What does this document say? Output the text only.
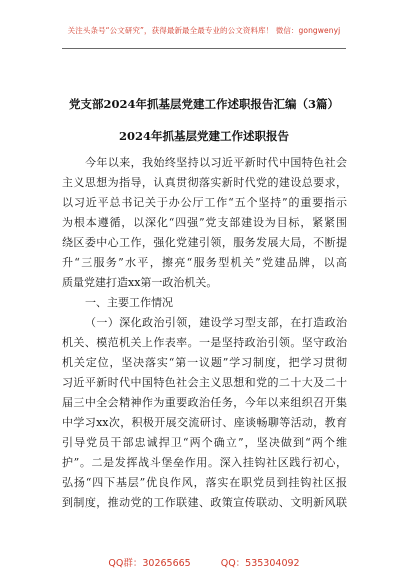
关注头条号“公文研究”，获得最新最全最专业的公文资料库！ 微信：gongwenyj
党支部2024年抓基层党建工作述职报告汇编（3篇）
2024年抓基层党建工作述职报告
今年以来，我始终坚持以习近平新时代中国特色社会
主义思想为指导，认真贯彻落实新时代党的建设总要求，
以习近平总书记关于办公厅工作“五个坚持”的重要指示
为根本遵循，以深化“四强”党支部建设为目标，紧紧围
绕区委中心工作，强化党建引领，服务发展大局，不断提
升“三服务”水平，擦亮“服务型机关”党建品牌，以高
质量党建打造xx第一政治机关。
一、主要工作情况
（一）深化政治引领，建设学习型支部，在打造政治
机关、模范机关上作表率。一是坚持政治引领。坚守政治
机关定位，坚决落实“第一议题”学习制度，把学习贯彻
习近平新时代中国特色社会主义思想和党的二十大及二十
届三中全会精神作为重要政治任务，今年以来组织召开集
中学习xx次，积极开展交流研讨、座谈畅聊等活动，教育
引导党员干部忠诚捍卫“两个确立”，坚决做到“两个维
护”。二是发挥战斗堡垒作用。深入挂钩社区践行初心，
弘扬“四下基层”优良作风，落实在职党员到挂钩社区报
到制度，推动党的工作联建、政策宣传联动、文明新风联
QQ群：30265665	QQ：535304092
